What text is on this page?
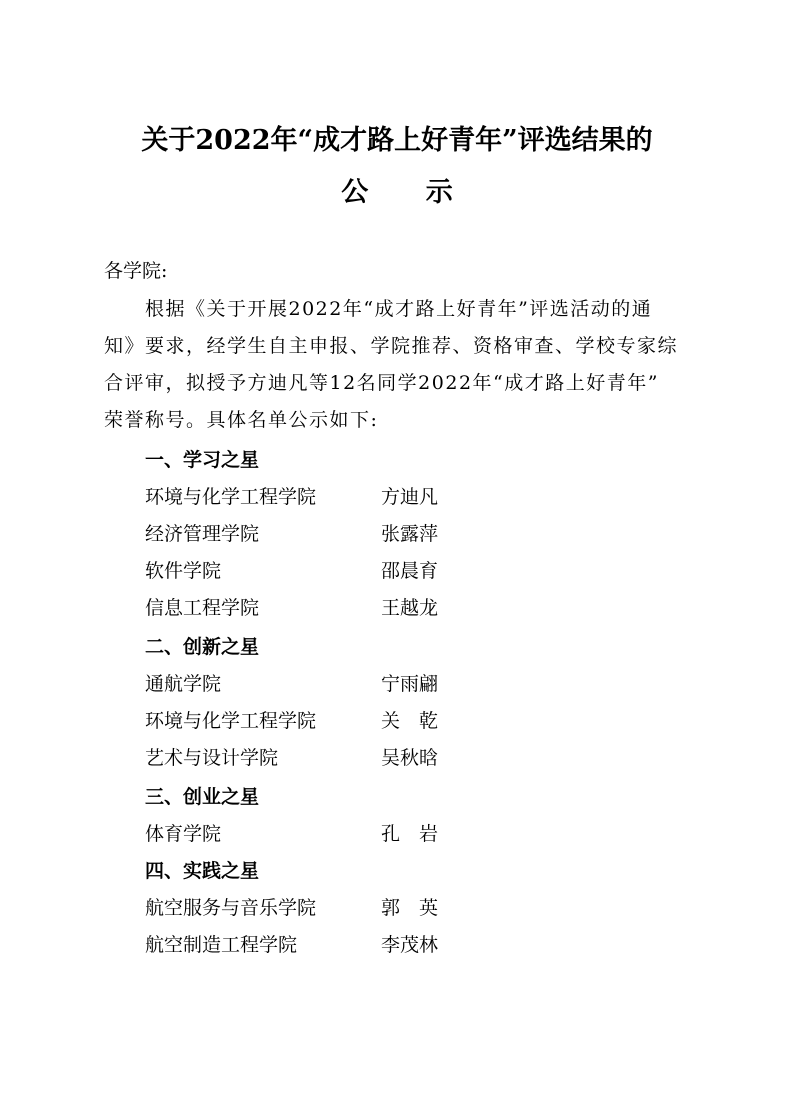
关于2022年“成才路上好青年”评选结果的
公 示
各学院:
根据《关于开展2022年“成才路上好青年”评选活动的通
知》要求，经学生自主申报、学院推荐、资格审查、学校专家综
合评审，拟授予方迪凡等12名同学2022年“成才路上好青年”
荣誉称号。具体名单公示如下:
一、学习之星
环境与化学工程学院	方迪凡
经济管理学院	张露萍
软件学院	邵晨育
信息工程学院	王越龙
二、创新之星
通航学院	宁雨翩
环境与化学工程学院	关　乾
艺术与设计学院	吴秋晗
三、创业之星
体育学院	孔　岩
四、实践之星
航空服务与音乐学院	郭　英
航空制造工程学院	李茂林
